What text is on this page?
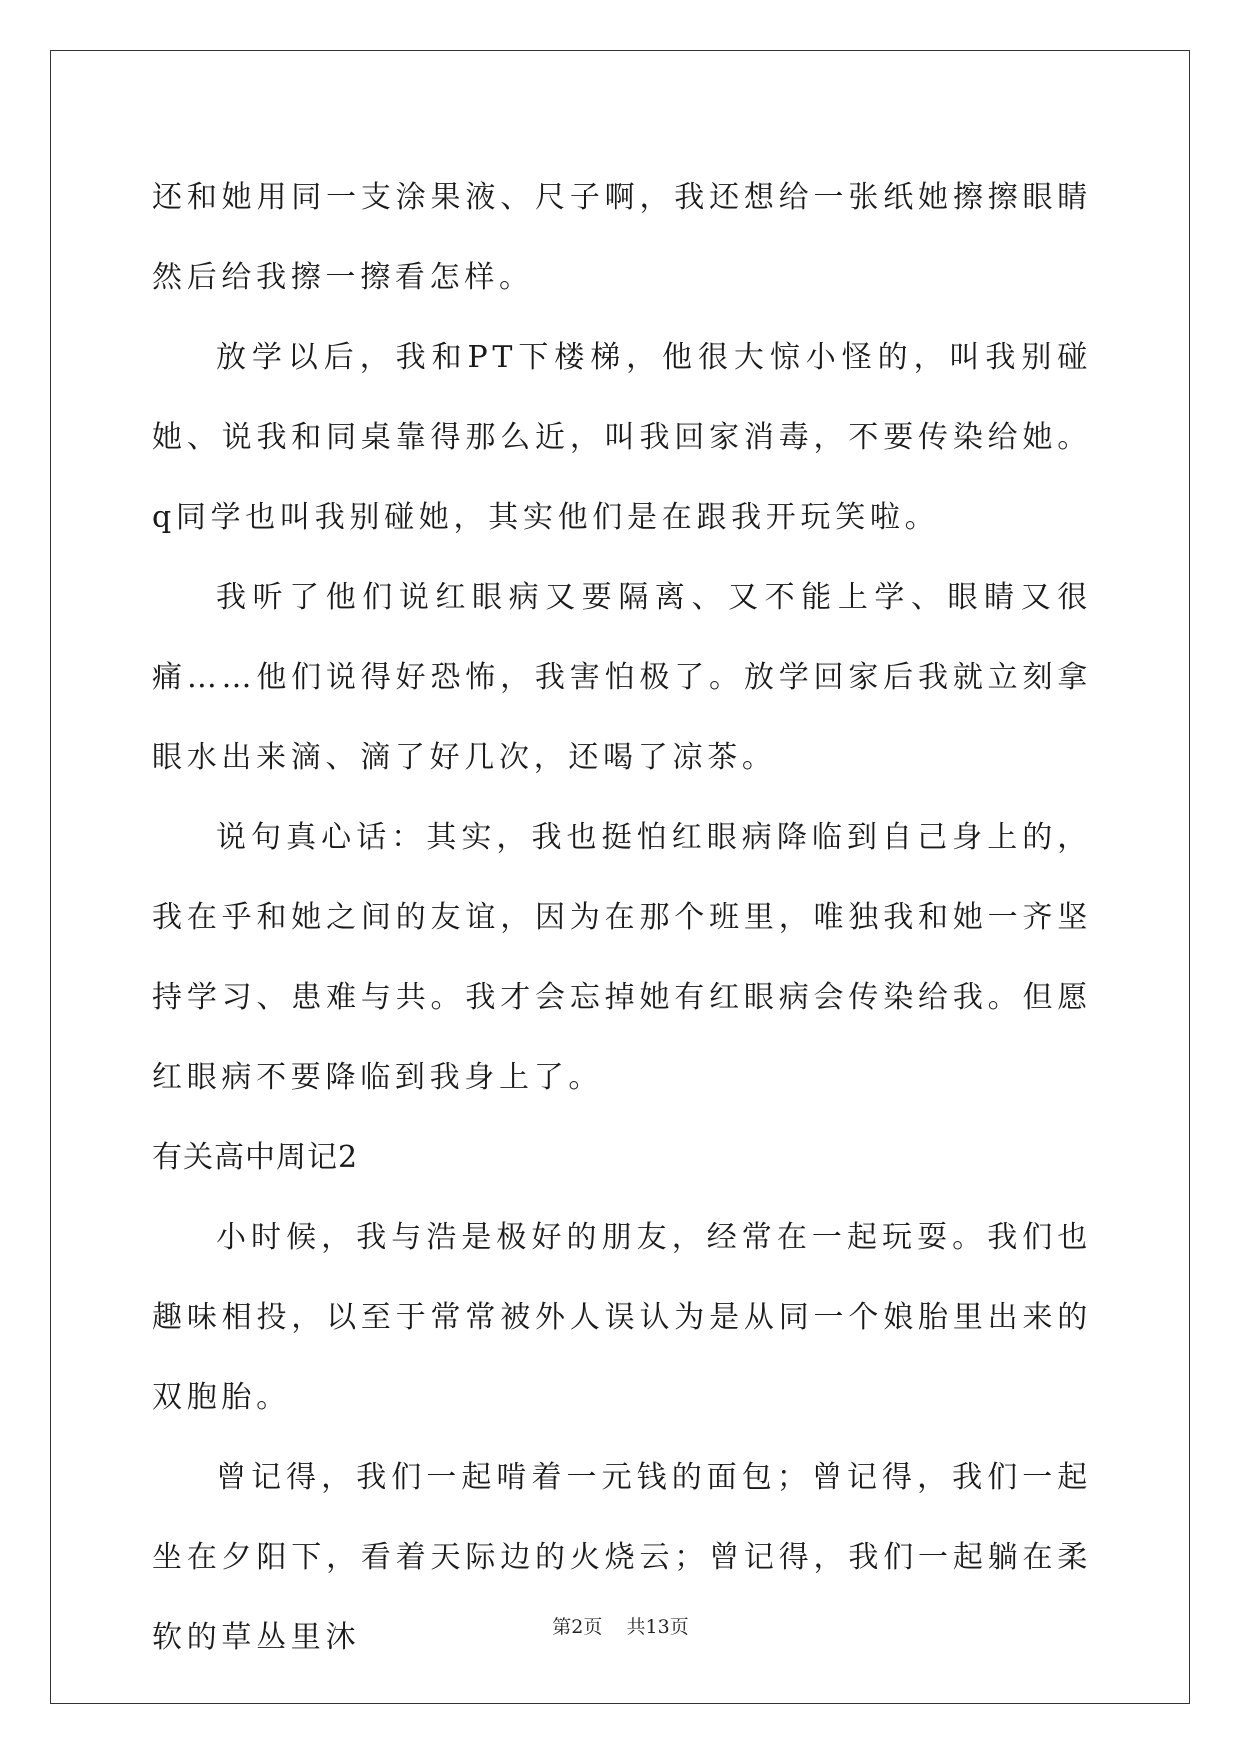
还和她用同一支涂果液、尺子啊，我还想给一张纸她擦擦眼睛然后给我擦一擦看怎样。

放学以后，我和PT下楼梯，他很大惊小怪的，叫我别碰她、说我和同桌靠得那么近，叫我回家消毒，不要传染给她。q同学也叫我别碰她，其实他们是在跟我开玩笑啦。

我听了他们说红眼病又要隔离、又不能上学、眼睛又很痛……他们说得好恐怖，我害怕极了。放学回家后我就立刻拿眼水出来滴、滴了好几次，还喝了凉茶。

说句真心话：其实，我也挺怕红眼病降临到自己身上的，我在乎和她之间的友谊，因为在那个班里，唯独我和她一齐坚持学习、患难与共。我才会忘掉她有红眼病会传染给我。但愿红眼病不要降临到我身上了。

有关高中周记2

小时候，我与浩是极好的朋友，经常在一起玩耍。我们也趣味相投，以至于常常被外人误认为是从同一个娘胎里出来的双胞胎。

曾记得，我们一起啃着一元钱的面包；曾记得，我们一起坐在夕阳下，看着天际边的火烧云；曾记得，我们一起躺在柔软的草丛里沐	第2页    共13页
